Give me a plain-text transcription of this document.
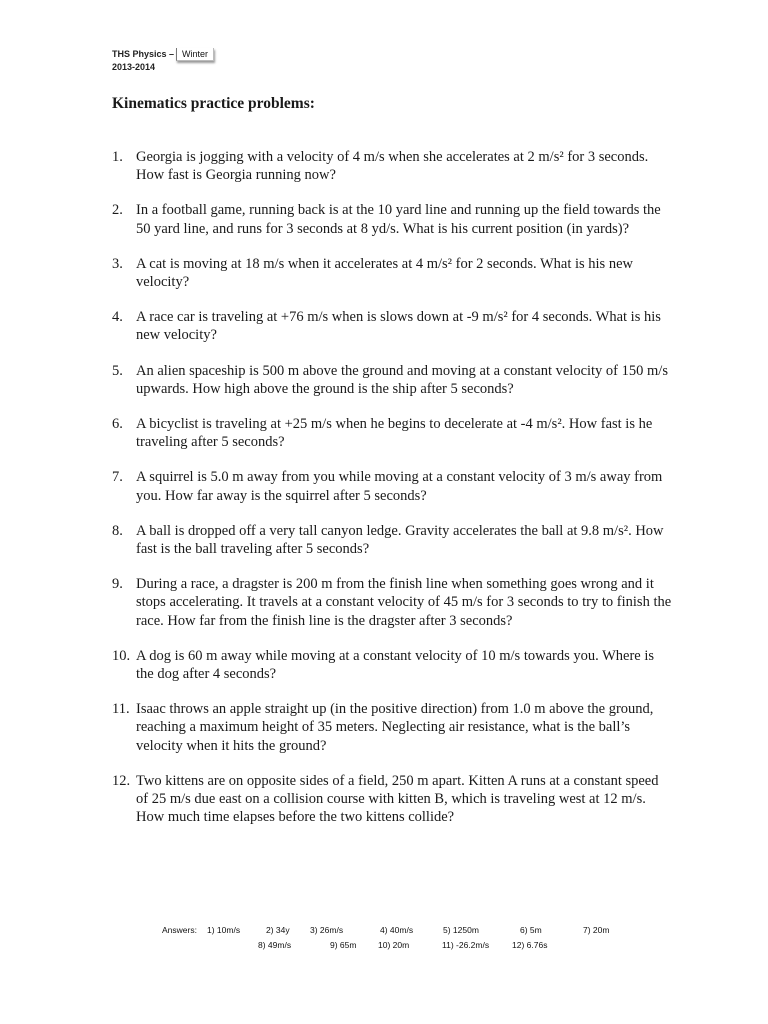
THS Physics – Winter
2013-2014
Kinematics practice problems:
1. Georgia is jogging with a velocity of 4 m/s when she accelerates at 2 m/s² for 3 seconds. How fast is Georgia running now?
2. In a football game, running back is at the 10 yard line and running up the field towards the 50 yard line, and runs for 3 seconds at 8 yd/s. What is his current position (in yards)?
3. A cat is moving at 18 m/s when it accelerates at 4 m/s² for 2 seconds. What is his new velocity?
4. A race car is traveling at +76 m/s when is slows down at -9 m/s² for 4 seconds. What is his new velocity?
5. An alien spaceship is 500 m above the ground and moving at a constant velocity of 150 m/s upwards. How high above the ground is the ship after 5 seconds?
6. A bicyclist is traveling at +25 m/s when he begins to decelerate at -4 m/s². How fast is he traveling after 5 seconds?
7. A squirrel is 5.0 m away from you while moving at a constant velocity of 3 m/s away from you. How far away is the squirrel after 5 seconds?
8. A ball is dropped off a very tall canyon ledge. Gravity accelerates the ball at 9.8 m/s². How fast is the ball traveling after 5 seconds?
9. During a race, a dragster is 200 m from the finish line when something goes wrong and it stops accelerating. It travels at a constant velocity of 45 m/s for 3 seconds to try to finish the race. How far from the finish line is the dragster after 3 seconds?
10. A dog is 60 m away while moving at a constant velocity of 10 m/s towards you. Where is the dog after 4 seconds?
11. Isaac throws an apple straight up (in the positive direction) from 1.0 m above the ground, reaching a maximum height of 35 meters. Neglecting air resistance, what is the ball’s velocity when it hits the ground?
12. Two kittens are on opposite sides of a field, 250 m apart. Kitten A runs at a constant speed of 25 m/s due east on a collision course with kitten B, which is traveling west at 12 m/s. How much time elapses before the two kittens collide?
Answers: 1) 10m/s	2) 34y 3) 26m/s	4) 40m/s	5) 1250m	6) 5m	7) 20m
8) 49m/s	9) 65m	10) 20m	11) -26.2m/s	12) 6.76s
